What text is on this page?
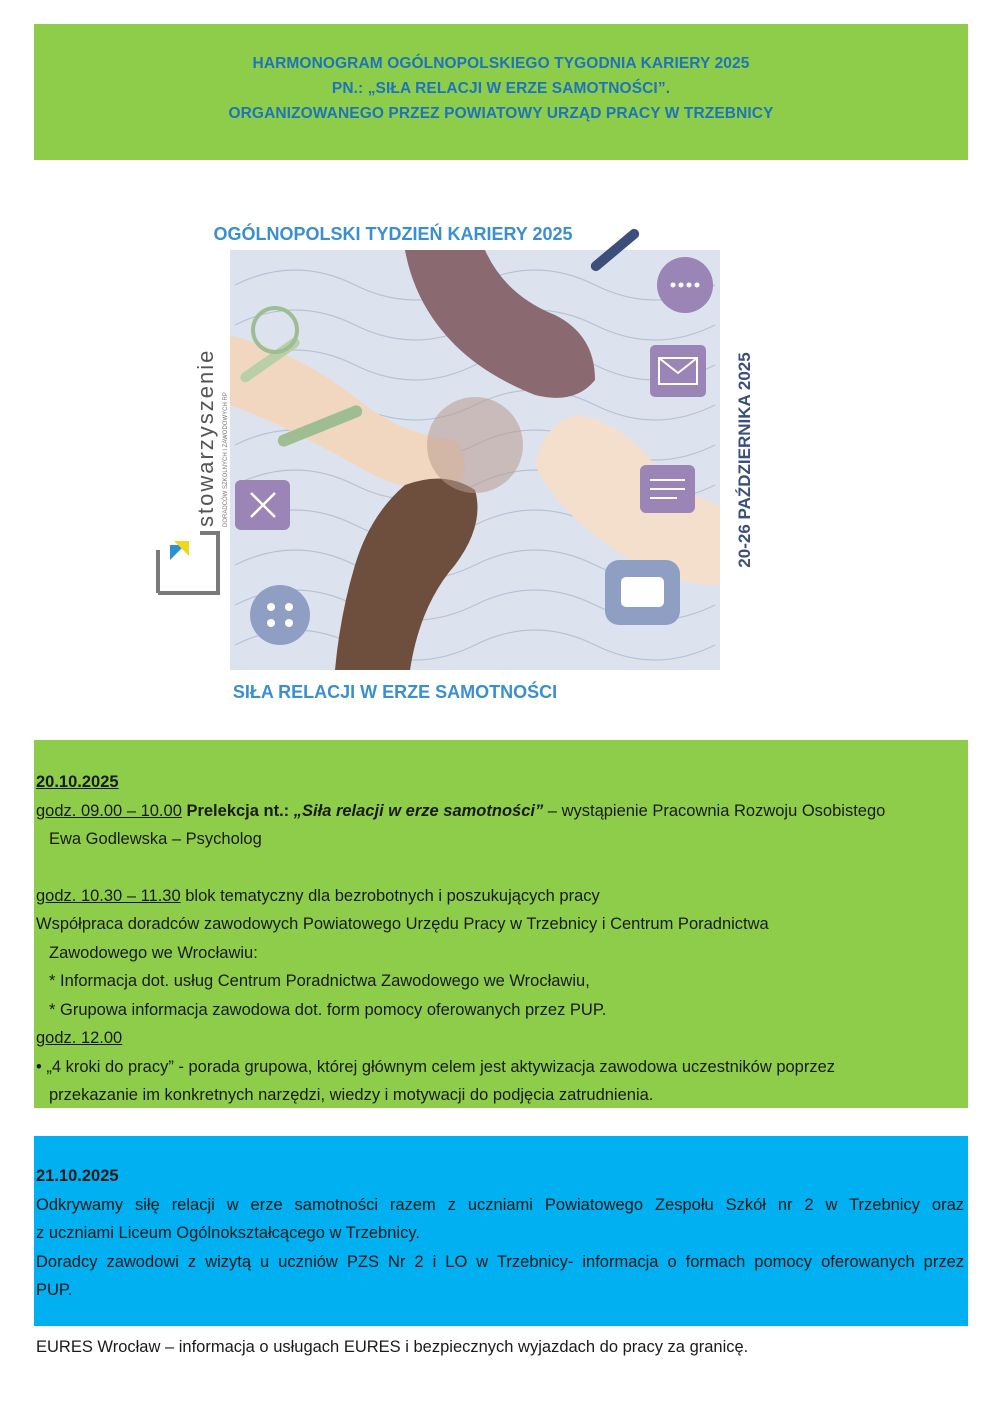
HARMONOGRAM OGÓLNOPOLSKIEGO TYGODNIA KARIERY 2025
PN.: „SIŁA RELACJI W ERZE SAMOTNOŚCI”.
ORGANIZOWANEGO PRZEZ POWIATOWY URZĄD PRACY W TRZEBNICY
stowarzyszenie DORADCÓW SZKOLNYCH I ZAWODOWYCH RP
OGÓLNOPOLSKI TYDZIEŃ KARIERY 2025
20-26 PAŹDZIERNIKA 2025
SIŁA RELACJI W ERZE SAMOTNOŚCI
20.10.2025
godz. 09.00 – 10.00 Prelekcja nt.: „Siła relacji w erze samotności” – wystąpienie Pracownia Rozwoju Osobistego
Ewa Godlewska – Psycholog
godz. 10.30 – 11.30 blok tematyczny dla bezrobotnych i poszukujących pracy
Współpraca doradców zawodowych Powiatowego Urzędu Pracy w Trzebnicy i Centrum Poradnictwa
Zawodowego we Wrocławiu:
* Informacja dot. usług Centrum Poradnictwa Zawodowego we Wrocławiu,
* Grupowa informacja zawodowa dot. form pomocy oferowanych przez PUP.
godz. 12.00
• „4 kroki do pracy” - porada grupowa, której głównym celem jest aktywizacja zawodowa uczestników poprzez
przekazanie im konkretnych narzędzi, wiedzy i motywacji do podjęcia zatrudnienia.
21.10.2025
Odkrywamy siłę relacji w erze samotności razem z uczniami Powiatowego Zespołu Szkół nr 2 w Trzebnicy oraz
z uczniami Liceum Ogólnokształcącego w Trzebnicy.
Doradcy zawodowi z wizytą u uczniów PZS Nr 2 i LO w Trzebnicy- informacja o formach pomocy oferowanych przez
PUP.
EURES Wrocław – informacja o usługach EURES i bezpiecznych wyjazdach do pracy za granicę.
